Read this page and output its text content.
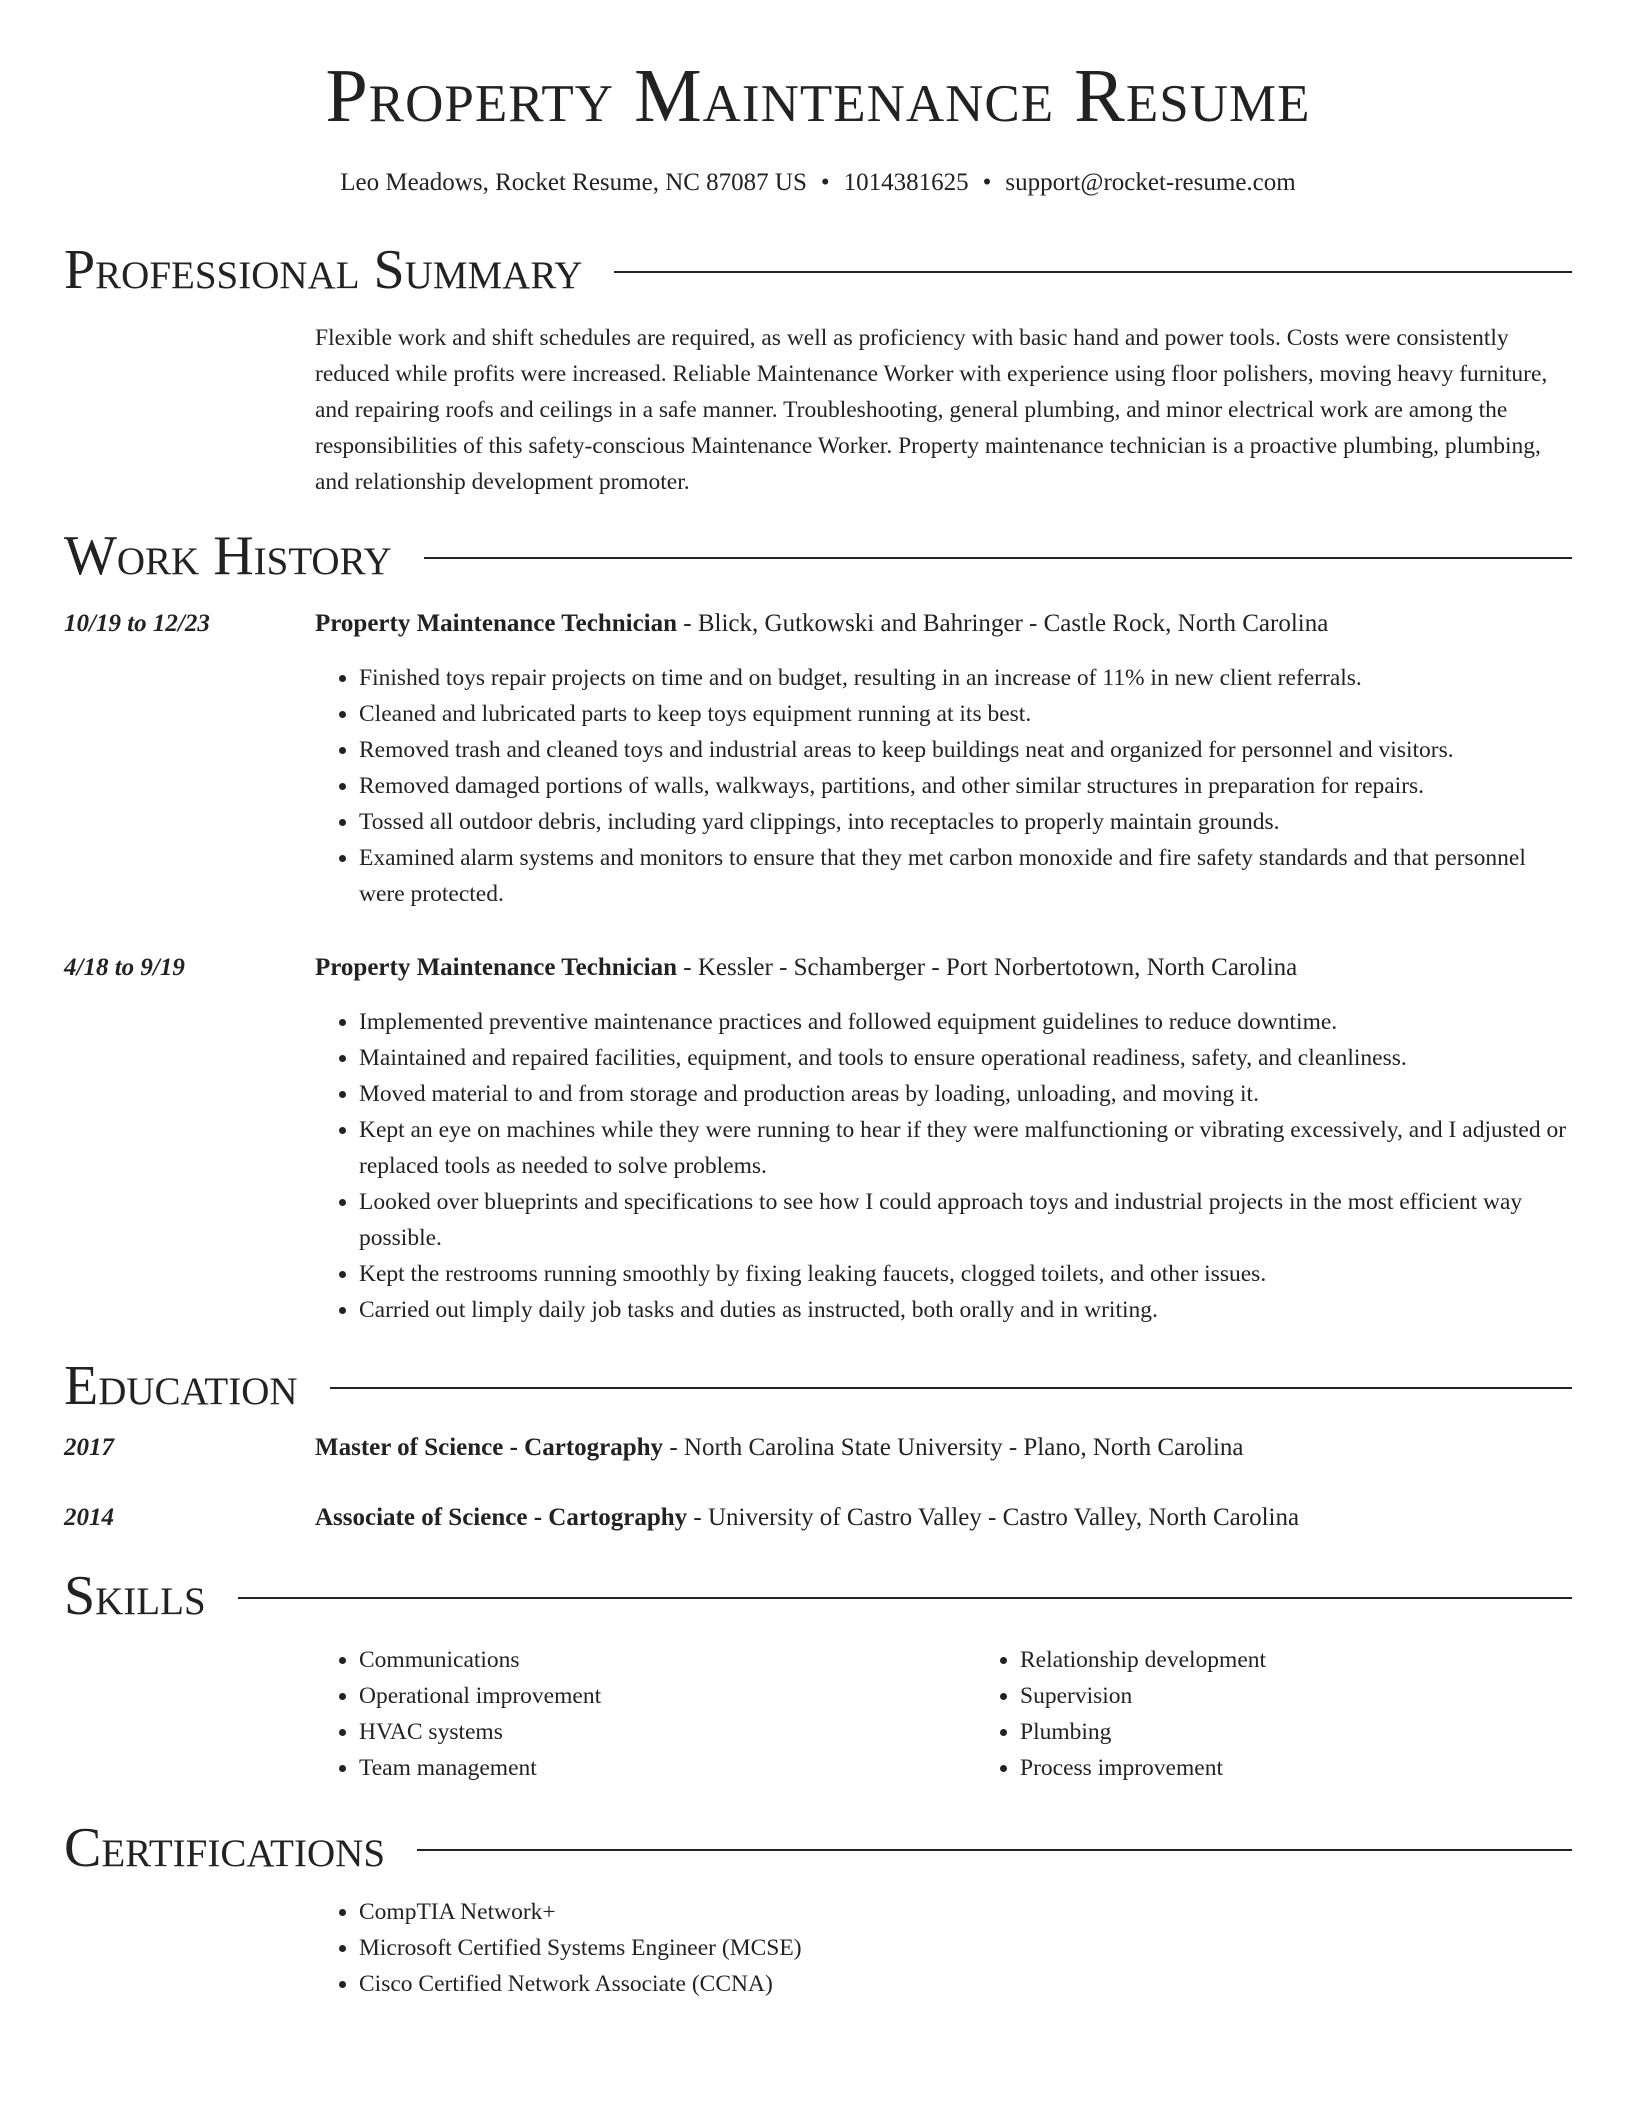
Property Maintenance Resume
Leo Meadows, Rocket Resume, NC 87087 US • 1014381625 • support@rocket-resume.com
Professional Summary
Flexible work and shift schedules are required, as well as proficiency with basic hand and power tools. Costs were consistently reduced while profits were increased. Reliable Maintenance Worker with experience using floor polishers, moving heavy furniture, and repairing roofs and ceilings in a safe manner. Troubleshooting, general plumbing, and minor electrical work are among the responsibilities of this safety-conscious Maintenance Worker. Property maintenance technician is a proactive plumbing, plumbing, and relationship development promoter.
Work History
10/19 to 12/23	Property Maintenance Technician - Blick, Gutkowski and Bahringer - Castle Rock, North Carolina
• Finished toys repair projects on time and on budget, resulting in an increase of 11% in new client referrals.
• Cleaned and lubricated parts to keep toys equipment running at its best.
• Removed trash and cleaned toys and industrial areas to keep buildings neat and organized for personnel and visitors.
• Removed damaged portions of walls, walkways, partitions, and other similar structures in preparation for repairs.
• Tossed all outdoor debris, including yard clippings, into receptacles to properly maintain grounds.
• Examined alarm systems and monitors to ensure that they met carbon monoxide and fire safety standards and that personnel were protected.
4/18 to 9/19	Property Maintenance Technician - Kessler - Schamberger - Port Norbertotown, North Carolina
• Implemented preventive maintenance practices and followed equipment guidelines to reduce downtime.
• Maintained and repaired facilities, equipment, and tools to ensure operational readiness, safety, and cleanliness.
• Moved material to and from storage and production areas by loading, unloading, and moving it.
• Kept an eye on machines while they were running to hear if they were malfunctioning or vibrating excessively, and I adjusted or replaced tools as needed to solve problems.
• Looked over blueprints and specifications to see how I could approach toys and industrial projects in the most efficient way possible.
• Kept the restrooms running smoothly by fixing leaking faucets, clogged toilets, and other issues.
• Carried out limply daily job tasks and duties as instructed, both orally and in writing.
Education
2017	Master of Science - Cartography - North Carolina State University - Plano, North Carolina
2014	Associate of Science - Cartography - University of Castro Valley - Castro Valley, North Carolina
Skills
• Communications
• Operational improvement
• HVAC systems
• Team management
• Relationship development
• Supervision
• Plumbing
• Process improvement
Certifications
• CompTIA Network+
• Microsoft Certified Systems Engineer (MCSE)
• Cisco Certified Network Associate (CCNA)
